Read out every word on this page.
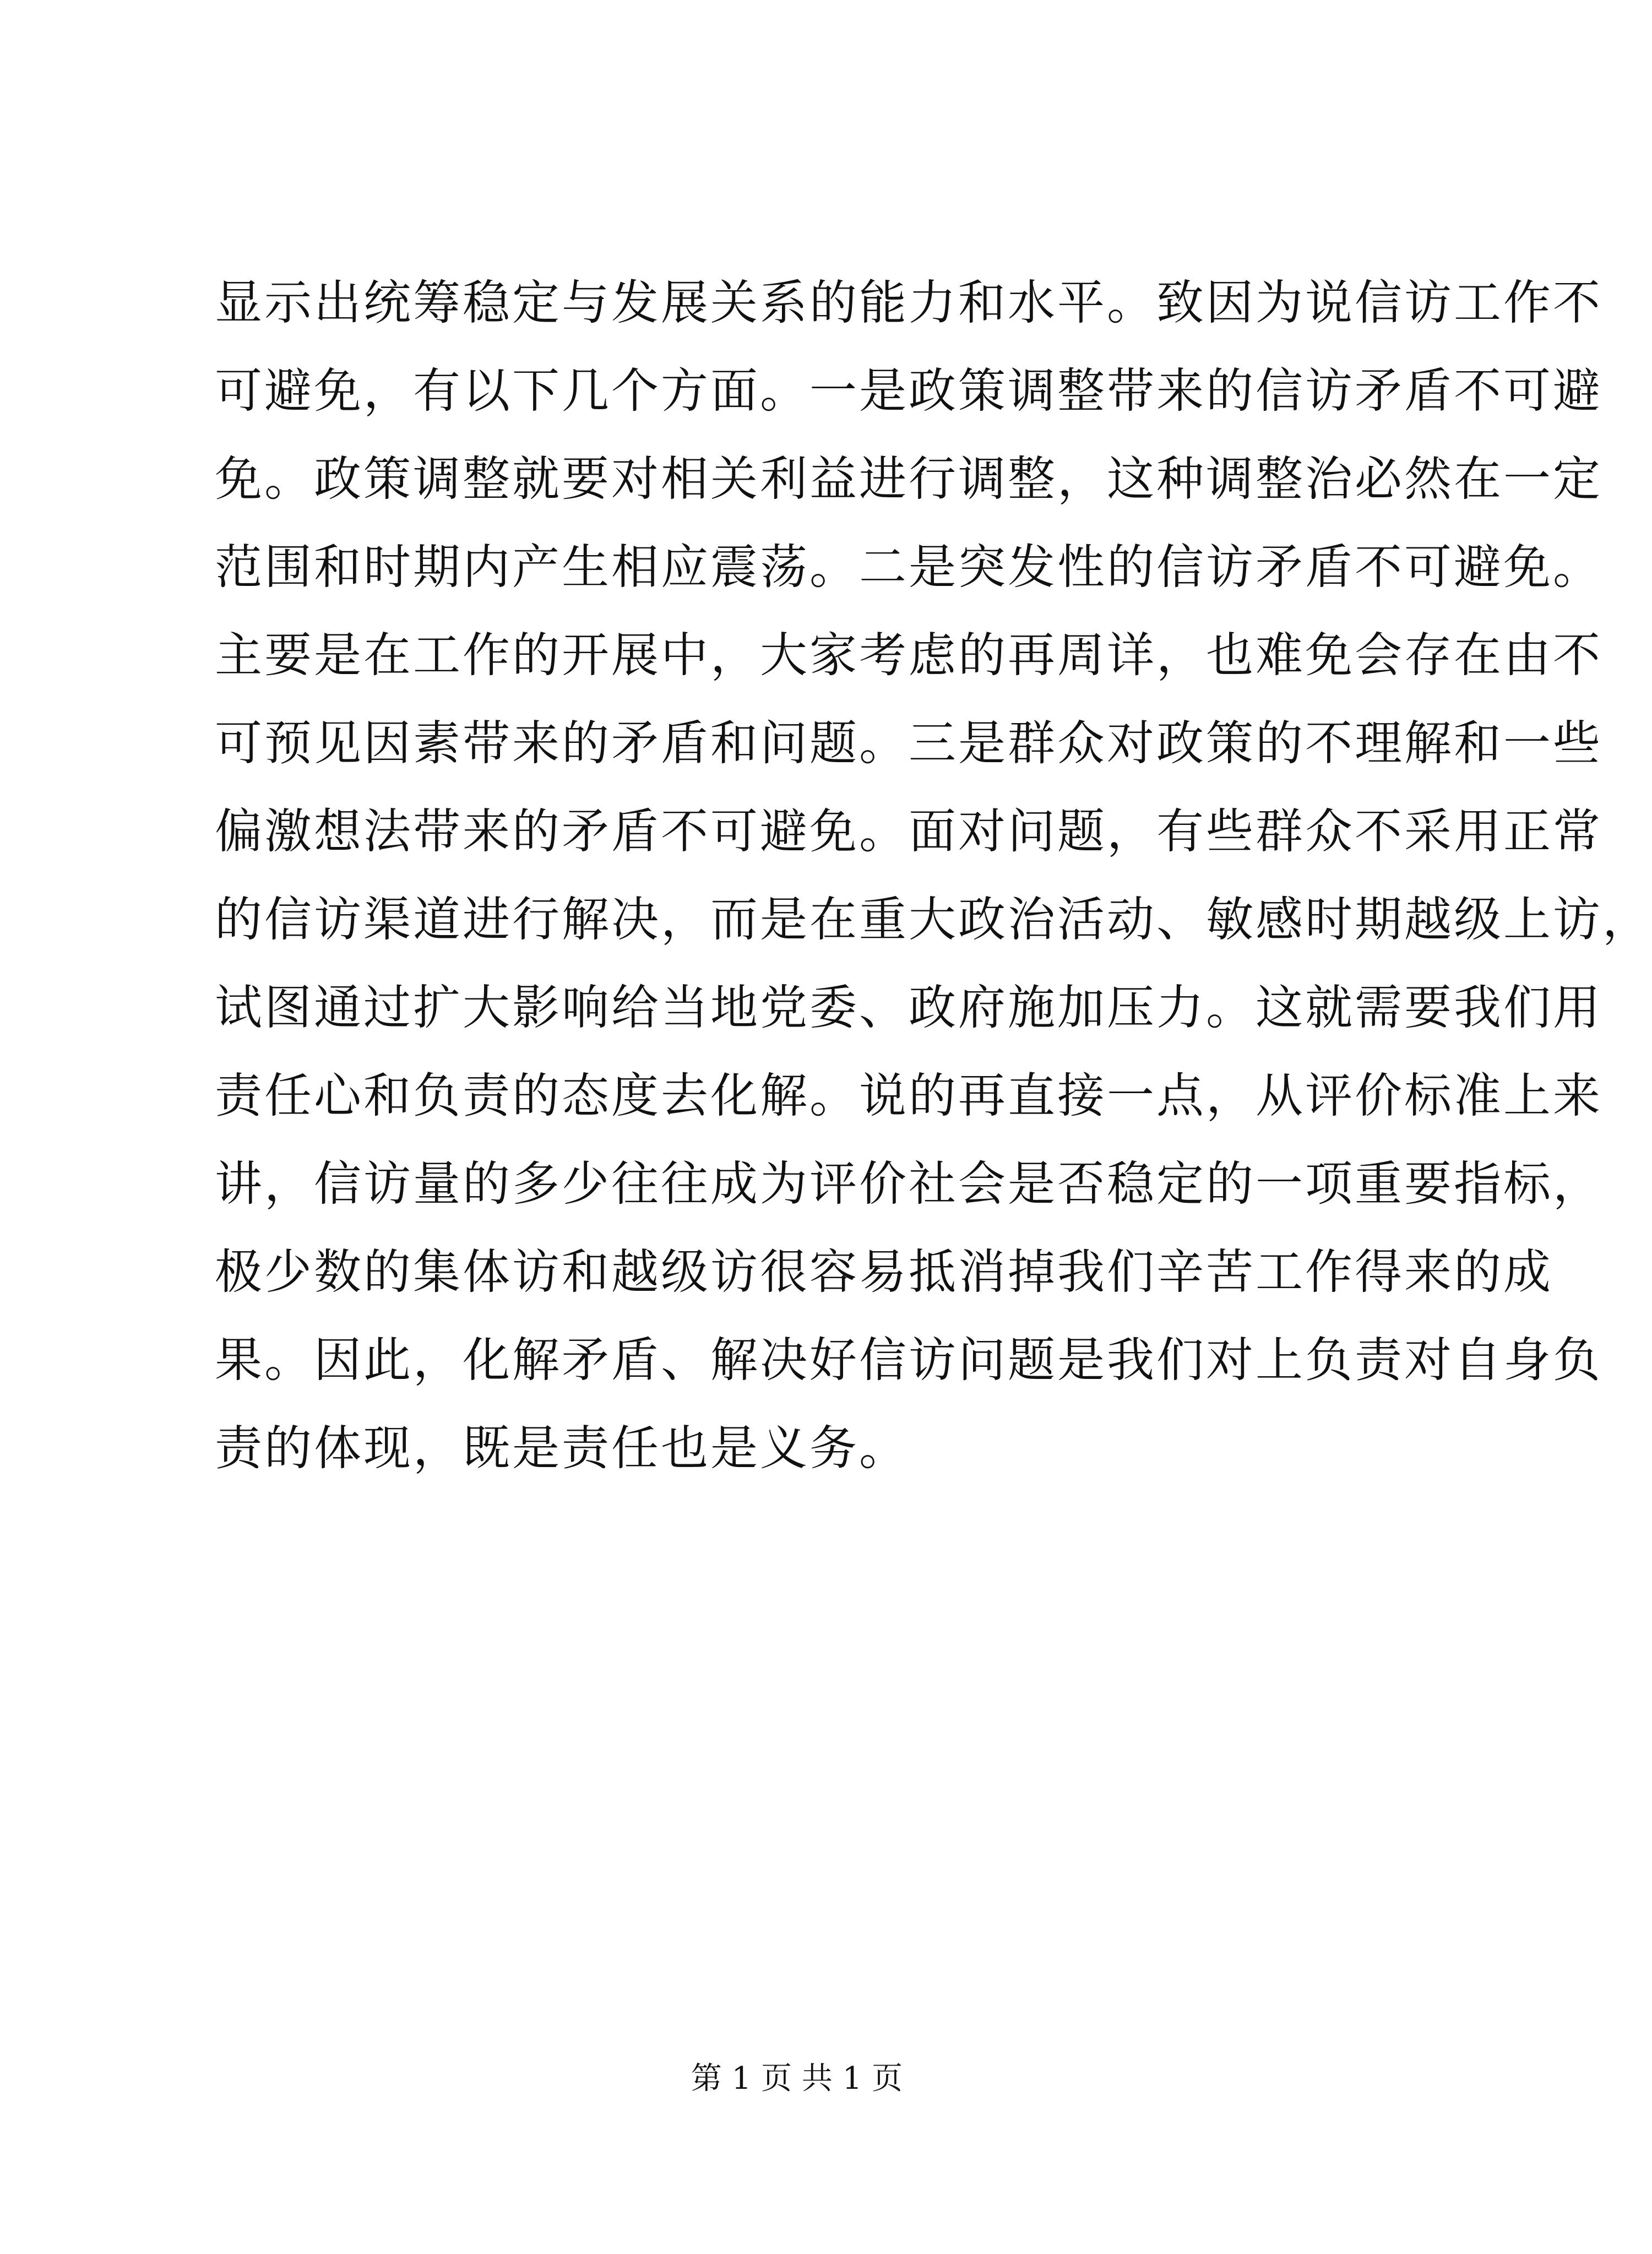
显示出统筹稳定与发展关系的能力和水平。致因为说信访工作不
可避免，有以下几个方面。一是政策调整带来的信访矛盾不可避
免。政策调整就要对相关利益进行调整，这种调整治必然在一定
范围和时期内产生相应震荡。二是突发性的信访矛盾不可避免。
主要是在工作的开展中，大家考虑的再周详，也难免会存在由不
可预见因素带来的矛盾和问题。三是群众对政策的不理解和一些
偏激想法带来的矛盾不可避免。面对问题，有些群众不采用正常
的信访渠道进行解决，而是在重大政治活动、敏感时期越级上访，
试图通过扩大影响给当地党委、政府施加压力。这就需要我们用
责任心和负责的态度去化解。说的再直接一点，从评价标准上来
讲，信访量的多少往往成为评价社会是否稳定的一项重要指标，
极少数的集体访和越级访很容易抵消掉我们辛苦工作得来的成
果。因此，化解矛盾、解决好信访问题是我们对上负责对自身负
责的体现，既是责任也是义务。
第 1 页 共 1 页
